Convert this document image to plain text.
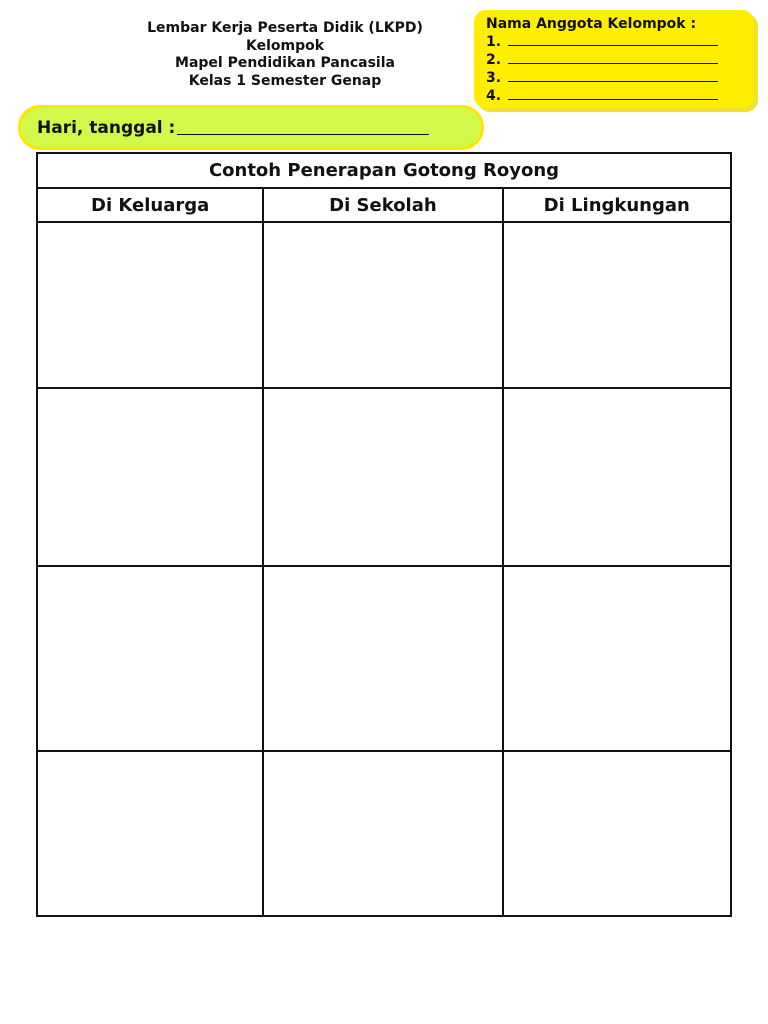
Lembar Kerja Peserta Didik (LKPD)
Kelompok
Mapel Pendidikan Pancasila
Kelas 1 Semester Genap
Nama Anggota Kelompok :
1.
2.
3.
4.
Hari, tanggal :
Contoh Penerapan Gotong Royong		
Di Keluarga	Di Sekolah	Di Lingkungan
